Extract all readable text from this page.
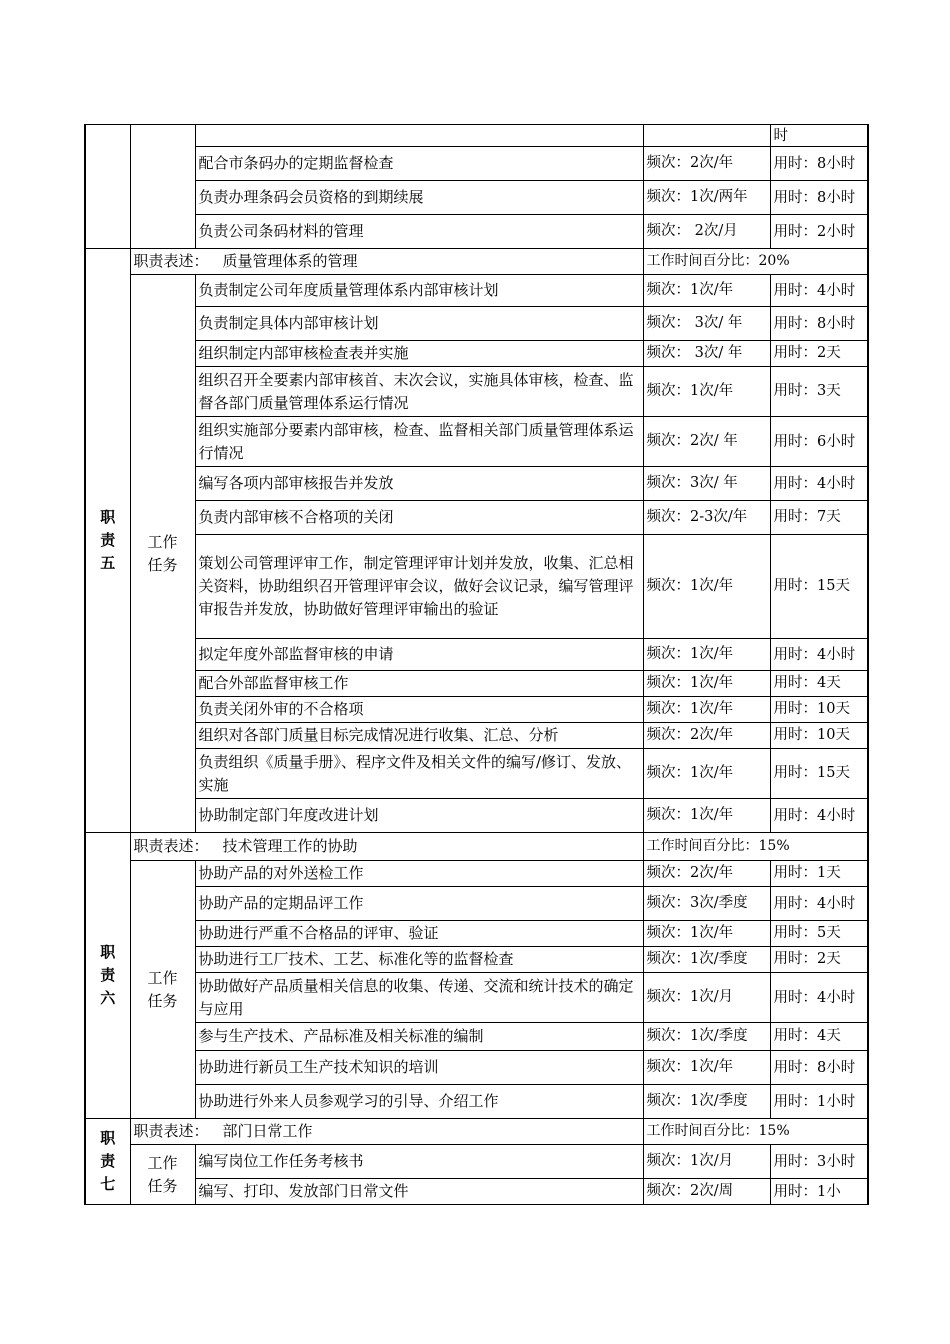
				时
		配合市条码办的定期监督检查	频次：2次/年	用时：8小时
		负责办理条码会员资格的到期续展	频次：1次/两年	用时：8小时
		负责公司条码材料的管理	频次： 2次/月	用时：2小时

职
责
五	职责表述： 质量管理体系的管理		工作时间百分比：20%	

	工作
任务	负责制定公司年度质量管理体系内部审核计划	频次：1次/年	用时：4小时
		负责制定具体内部审核计划	频次： 3次/ 年	用时：8小时
		组织制定内部审核检查表并实施	频次： 3次/ 年	用时：2天
		组织召开全要素内部审核首、末次会议，实施具体审核，检查、监督各部门质量管理体系运行情况	频次：1次/年	用时：3天
		组织实施部分要素内部审核，检查、监督相关部门质量管理体系运行情况	频次：2次/ 年	用时：6小时
		编写各项内部审核报告并发放	频次：3次/ 年	用时：4小时
		负责内部审核不合格项的关闭	频次：2-3次/年	用时：7天
		策划公司管理评审工作，制定管理评审计划并发放，收集、汇总相关资料，协助组织召开管理评审会议，做好会议记录，编写管理评审报告并发放，协助做好管理评审输出的验证	频次：1次/年	用时：15天
		拟定年度外部监督审核的申请	频次：1次/年	用时：4小时
		配合外部监督审核工作	频次：1次/年	用时：4天
		负责关闭外审的不合格项	频次：1次/年	用时：10天
		组织对各部门质量目标完成情况进行收集、汇总、分析	频次：2次/年	用时：10天
		负责组织《质量手册》、程序文件及相关文件的编写/修订、发放、实施	频次：1次/年	用时：15天
		协助制定部门年度改进计划	频次：1次/年	用时：4小时

职
责
六	职责表述： 技术管理工作的协助		工作时间百分比：15%	

	工作
任务	协助产品的对外送检工作	频次：2次/年	用时：1天
		协助产品的定期品评工作	频次：3次/季度	用时：4小时
		协助进行严重不合格品的评审、验证	频次：1次/年	用时：5天
		协助进行工厂技术、工艺、标准化等的监督检查	频次：1次/季度	用时：2天
		协助做好产品质量相关信息的收集、传递、交流和统计技术的确定与应用	频次：1次/月	用时：4小时
		参与生产技术、产品标准及相关标准的编制	频次：1次/季度	用时：4天
		协助进行新员工生产技术知识的培训	频次：1次/年	用时：8小时
		协助进行外来人员参观学习的引导、介绍工作	频次：1次/季度	用时：1小时

职
责
七	职责表述： 部门日常工作		工作时间百分比：15%	

	工作
任务	编写岗位工作任务考核书	频次：1次/月	用时：3小时
		编写、打印、发放部门日常文件	频次：2次/周	用时：1小
